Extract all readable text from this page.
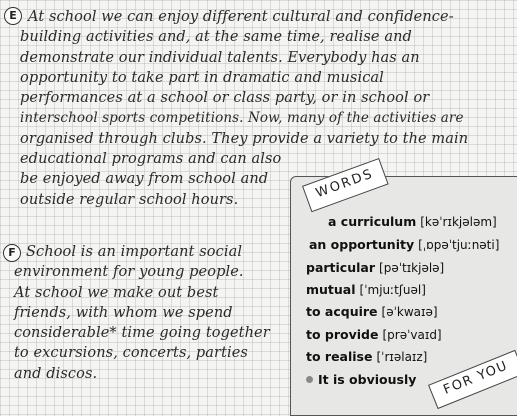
E At school we can enjoy different cultural and confidence-
building activities and, at the same time, realise and
demonstrate our individual talents. Everybody has an
opportunity to take part in dramatic and musical
performances at a school or class party, or in school or
interschool sports competitions. Now, many of the activities are
organised through clubs. They provide a variety to the main
educational programs and can also
be enjoyed away from school and
outside regular school hours.
F School is an important social
environment for young people.
At school we make out best
friends, with whom we spend
considerable* time going together
to excursions, concerts, parties
and discos.
WORDS
a curriculum [kəˈrɪkjələm]
an opportunity [ˌɒpəˈtjuːnəti]
particular [pəˈtɪkjələ]
mutual [ˈmjuːtʃuəl]
to acquire [əˈkwaɪə]
to provide [prəˈvaɪd]
to realise [ˈrɪəlaɪz]
It is obviously	FOR YOU
